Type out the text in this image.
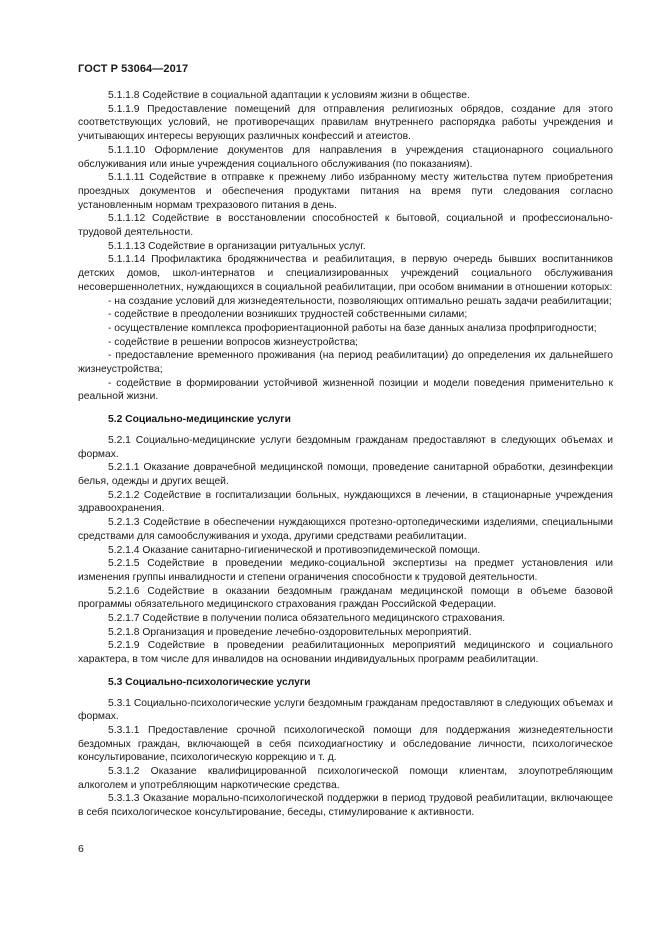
ГОСТ Р 53064—2017

5.1.1.8 Содействие в социальной адаптации к условиям жизни в обществе.

5.1.1.9 Предоставление помещений для отправления религиозных обрядов, создание для этого соответствующих условий, не противоречащих правилам внутреннего распорядка работы учреждения и учитывающих интересы верующих различных конфессий и атеистов.

5.1.1.10 Оформление документов для направления в учреждения стационарного социального обслуживания или иные учреждения социального обслуживания (по показаниям).

5.1.1.11 Содействие в отправке к прежнему либо избранному месту жительства путем приобретения проездных документов и обеспечения продуктами питания на время пути следования согласно установленным нормам трехразового питания в день.

5.1.1.12 Содействие в восстановлении способностей к бытовой, социальной и профессионально-трудовой деятельности.

5.1.1.13 Содействие в организации ритуальных услуг.

5.1.1.14 Профилактика бродяжничества и реабилитация, в первую очередь бывших воспитанников детских домов, школ-интернатов и специализированных учреждений социального обслуживания несовершеннолетних, нуждающихся в социальной реабилитации, при особом внимании в отношении которых:

- на создание условий для жизнедеятельности, позволяющих оптимально решать задачи реабилитации;

- содействие в преодолении возникших трудностей собственными силами;

- осуществление комплекса профориентационной работы на базе данных анализа профпригодности;

- содействие в решении вопросов жизнеустройства;

- предоставление временного проживания (на период реабилитации) до определения их дальнейшего жизнеустройства;

- содействие в формировании устойчивой жизненной позиции и модели поведения применительно к реальной жизни.

5.2 Социально-медицинские услуги

5.2.1 Социально-медицинские услуги бездомным гражданам предоставляют в следующих объемах и формах.

5.2.1.1 Оказание доврачебной медицинской помощи, проведение санитарной обработки, дезинфекции белья, одежды и других вещей.

5.2.1.2 Содействие в госпитализации больных, нуждающихся в лечении, в стационарные учреждения здравоохранения.

5.2.1.3 Содействие в обеспечении нуждающихся протезно-ортопедическими изделиями, специальными средствами для самообслуживания и ухода, другими средствами реабилитации.

5.2.1.4 Оказание санитарно-гигиенической и противоэпидемической помощи.

5.2.1.5 Содействие в проведении медико-социальной экспертизы на предмет установления или изменения группы инвалидности и степени ограничения способности к трудовой деятельности.

5.2.1.6 Содействие в оказании бездомным гражданам медицинской помощи в объеме базовой программы обязательного медицинского страхования граждан Российской Федерации.

5.2.1.7 Содействие в получении полиса обязательного медицинского страхования.

5.2.1.8 Организация и проведение лечебно-оздоровительных мероприятий.

5.2.1.9 Содействие в проведении реабилитационных мероприятий медицинского и социального характера, в том числе для инвалидов на основании индивидуальных программ реабилитации.

5.3 Социально-психологические услуги

5.3.1 Социально-психологические услуги бездомным гражданам предоставляют в следующих объемах и формах.

5.3.1.1 Предоставление срочной психологической помощи для поддержания жизнедеятельности бездомных граждан, включающей в себя психодиагностику и обследование личности, психологическое консультирование, психологическую коррекцию и т. д.

5.3.1.2 Оказание квалифицированной психологической помощи клиентам, злоупотребляющим алкоголем и употребляющим наркотические средства.

5.3.1.3 Оказание морально-психологической поддержки в период трудовой реабилитации, включающее в себя психологическое консультирование, беседы, стимулирование к активности.

6
